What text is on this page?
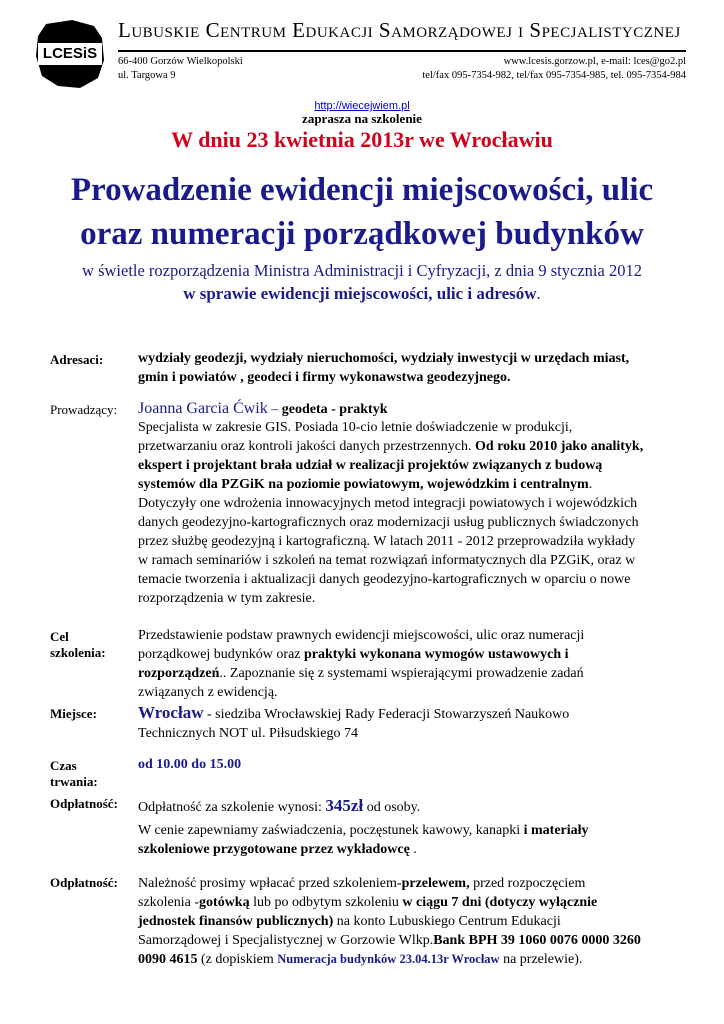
LCESiS
Lubuskie Centrum Edukacji Samorządowej i Specjalistycznej
66-400 Gorzów Wielkopolski
ul. Targowa 9
www.lcesis.gorzow.pl, e-mail: lces@go2.pl
tel/fax 095-7354-982, tel/fax 095-7354-985, tel. 095-7354-984
http://wiecejwiem.pl
zaprasza na szkolenie
W dniu 23 kwietnia 2013r we Wrocławiu
Prowadzenie ewidencji miejscowości, ulic
oraz numeracji porządkowej budynków
w świetle rozporządzenia Ministra Administracji i Cyfryzacji, z dnia 9 stycznia 2012
w sprawie ewidencji miejscowości, ulic i adresów.
Adresaci: wydziały geodezji, wydziały nieruchomości, wydziały inwestycji w urzędach miast,
gmin i powiatów , geodeci i firmy wykonawstwa geodezyjnego.
Prowadzący: Joanna Garcia Ćwik – geodeta - praktyk
Specjalista w zakresie GIS. Posiada 10-cio letnie doświadczenie w produkcji,
przetwarzaniu oraz kontroli jakości danych przestrzennych. Od roku 2010 jako analityk,
ekspert i projektant brała udział w realizacji projektów związanych z budową
systemów dla PZGiK na poziomie powiatowym, wojewódzkim i centralnym.
Dotyczyły one wdrożenia innowacyjnych metod integracji powiatowych i wojewódzkich
danych geodezyjno-kartograficznych oraz modernizacji usług publicznych świadczonych
przez służbę geodezyjną i kartograficzną. W latach 2011 - 2012 przeprowadziła wykłady
w ramach seminariów i szkoleń na temat rozwiązań informatycznych dla PZGiK, oraz w
temacie tworzenia i aktualizacji danych geodezyjno-kartograficznych w oparciu o nowe
rozporządzenia w tym zakresie.
Cel
szkolenia:
Przedstawienie podstaw prawnych ewidencji miejscowości, ulic oraz numeracji
porządkowej budynków oraz praktyki wykonana wymogów ustawowych i
rozporządzeń.. Zapoznanie się z systemami wspierającymi prowadzenie zadań
związanych z ewidencją.
Miejsce: Wrocław - siedziba Wrocławskiej Rady Federacji Stowarzyszeń Naukowo
Technicznych NOT ul. Piłsudskiego 74
Czas
trwania:
od 10.00 do 15.00
Odpłatność: Odpłatność za szkolenie wynosi: 345zł od osoby.
W cenie zapewniamy zaświadczenia, poczęstunek kawowy, kanapki i materiały
szkoleniowe przygotowane przez wykładowcę .
Odpłatność: Należność prosimy wpłacać przed szkoleniem-przelewem, przed rozpoczęciem
szkolenia -gotówką lub po odbytym szkoleniu w ciągu 7 dni (dotyczy wyłącznie
jednostek finansów publicznych) na konto Lubuskiego Centrum Edukacji
Samorządowej i Specjalistycznej w Gorzowie Wlkp.Bank BPH 39 1060 0076 0000 3260
0090 4615 (z dopiskiem Numeracja budynków 23.04.13r Wrocław na przelewie).
